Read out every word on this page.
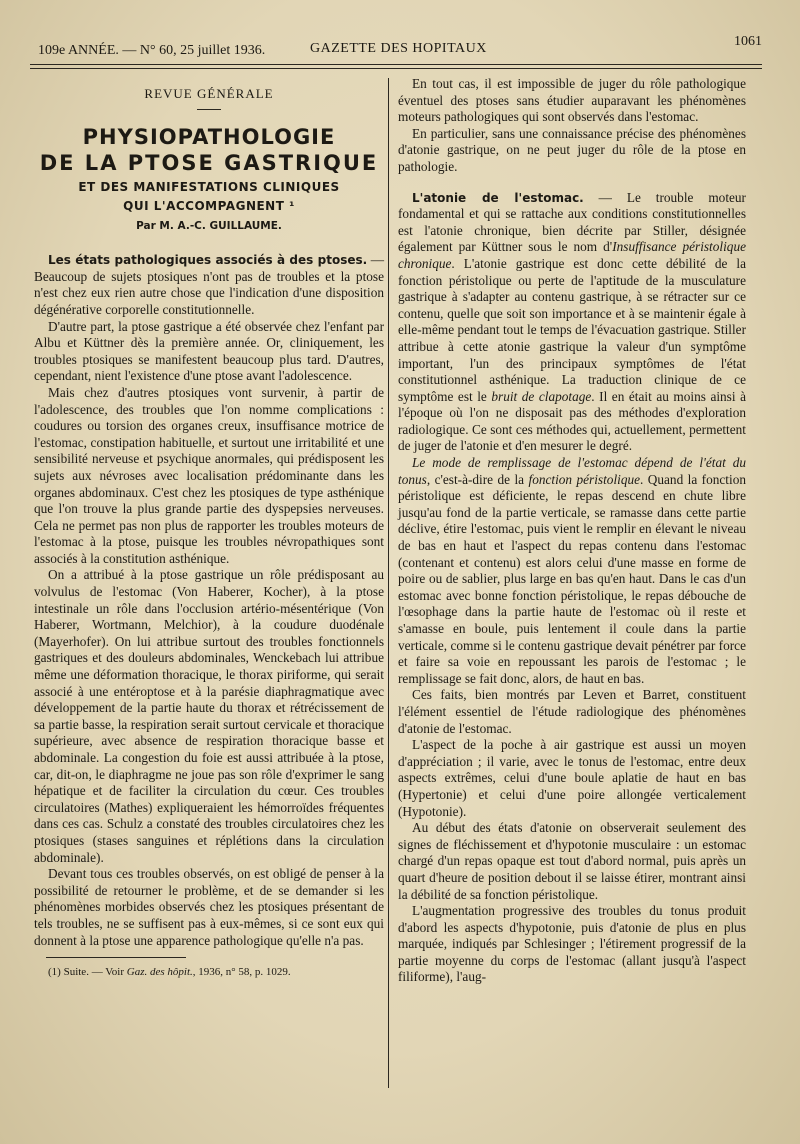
109e ANNÉE. — N° 60, 25 juillet 1936.	GAZETTE DES HOPITAUX	1061
REVUE GÉNÉRALE
PHYSIOPATHOLOGIE
DE LA PTOSE GASTRIQUE
ET DES MANIFESTATIONS CLINIQUES
QUI L'ACCOMPAGNENT ¹
Par M. A.-C. GUILLAUME.

Les états pathologiques associés à des ptoses. — Beaucoup de sujets ptosiques n'ont pas de troubles et la ptose n'est chez eux rien autre chose que l'indication d'une disposition dégénérative corporelle constitutionnelle.

D'autre part, la ptose gastrique a été observée chez l'enfant par Albu et Küttner dès la première année. Or, cliniquement, les troubles ptosiques se manifestent beaucoup plus tard. D'autres, cependant, nient l'existence d'une ptose avant l'adolescence.

Mais chez d'autres ptosiques vont survenir, à partir de l'adolescence, des troubles que l'on nomme complications : coudures ou torsion des organes creux, insuffisance motrice de l'estomac, constipation habituelle, et surtout une irritabilité et une sensibilité nerveuse et psychique anormales, qui prédisposent les sujets aux névroses avec localisation prédominante dans les organes abdominaux. C'est chez les ptosiques de type asthénique que l'on trouve la plus grande partie des dyspepsies nerveuses. Cela ne permet pas non plus de rapporter les troubles moteurs de l'estomac à la ptose, puisque les troubles névropathiques sont associés à la constitution asthénique.

On a attribué à la ptose gastrique un rôle prédisposant au volvulus de l'estomac (Von Haberer, Kocher), à la ptose intestinale un rôle dans l'occlusion artério-mésentérique (Von Haberer, Wortmann, Melchior), à la coudure duodénale (Mayerhofer). On lui attribue surtout des troubles fonctionnels gastriques et des douleurs abdominales, Wenckebach lui attribue même une déformation thoracique, le thorax piriforme, qui serait associé à une entéroptose et à la parésie diaphragmatique avec développement de la partie haute du thorax et rétrécissement de sa partie basse, la respiration serait surtout cervicale et thoracique supérieure, avec absence de respiration thoracique basse et abdominale. La congestion du foie est aussi attribuée à la ptose, car, dit-on, le diaphragme ne joue pas son rôle d'exprimer le sang hépatique et de faciliter la circulation du cœur. Ces troubles circulatoires (Mathes) expliqueraient les hémorroïdes fréquentes dans ces cas. Schulz a constaté des troubles circulatoires chez les ptosiques (stases sanguines et réplétions dans la circulation abdominale).

Devant tous ces troubles observés, on est obligé de penser à la possibilité de retourner le problème, et de se demander si les phénomènes morbides observés chez les ptosiques présentant de tels troubles, ne se suffisent pas à eux-mêmes, si ce sont eux qui donnent à la ptose une apparence pathologique qu'elle n'a pas.

(1) Suite. — Voir Gaz. des hôpit., 1936, n° 58, p. 1029.

En tout cas, il est impossible de juger du rôle pathologique éventuel des ptoses sans étudier auparavant les phénomènes moteurs pathologiques qui sont observés dans l'estomac.

En particulier, sans une connaissance précise des phénomènes d'atonie gastrique, on ne peut juger du rôle de la ptose en pathologie.

L'atonie de l'estomac. — Le trouble moteur fondamental et qui se rattache aux conditions constitutionnelles est l'atonie chronique, bien décrite par Stiller, désignée également par Küttner sous le nom d'Insuffisance péristolique chronique. L'atonie gastrique est donc cette débilité de la fonction péristolique ou perte de l'aptitude de la musculature gastrique à s'adapter au contenu gastrique, à se rétracter sur ce contenu, quelle que soit son importance et à se maintenir égale à elle-même pendant tout le temps de l'évacuation gastrique. Stiller attribue à cette atonie gastrique la valeur d'un symptôme important, l'un des principaux symptômes de l'état constitutionnel asthénique. La traduction clinique de ce symptôme est le bruit de clapotage. Il en était au moins ainsi à l'époque où l'on ne disposait pas des méthodes d'exploration radiologique. Ce sont ces méthodes qui, actuellement, permettent de juger de l'atonie et d'en mesurer le degré.

Le mode de remplissage de l'estomac dépend de l'état du tonus, c'est-à-dire de la fonction péristolique. Quand la fonction péristolique est déficiente, le repas descend en chute libre jusqu'au fond de la partie verticale, se ramasse dans cette partie déclive, étire l'estomac, puis vient le remplir en élevant le niveau de bas en haut et l'aspect du repas contenu dans l'estomac (contenant et contenu) est alors celui d'une masse en forme de poire ou de sablier, plus large en bas qu'en haut. Dans le cas d'un estomac avec bonne fonction péristolique, le repas débouche de l'œsophage dans la partie haute de l'estomac où il reste et s'amasse en boule, puis lentement il coule dans la partie verticale, comme si le contenu gastrique devait pénétrer par force et faire sa voie en repoussant les parois de l'estomac ; le remplissage se fait donc, alors, de haut en bas.

Ces faits, bien montrés par Leven et Barret, constituent l'élément essentiel de l'étude radiologique des phénomènes d'atonie de l'estomac.

L'aspect de la poche à air gastrique est aussi un moyen d'appréciation ; il varie, avec le tonus de l'estomac, entre deux aspects extrêmes, celui d'une boule aplatie de haut en bas (Hypertonie) et celui d'une poire allongée verticalement (Hypotonie).

Au début des états d'atonie on observerait seulement des signes de fléchissement et d'hypotonie musculaire : un estomac chargé d'un repas opaque est tout d'abord normal, puis après un quart d'heure de position debout il se laisse étirer, montrant ainsi la débilité de sa fonction péristolique.

L'augmentation progressive des troubles du tonus produit d'abord les aspects d'hypotonie, puis d'atonie de plus en plus marquée, indiqués par Schlesinger ; l'étirement progressif de la partie moyenne du corps de l'estomac (allant jusqu'à l'aspect filiforme), l'aug-
